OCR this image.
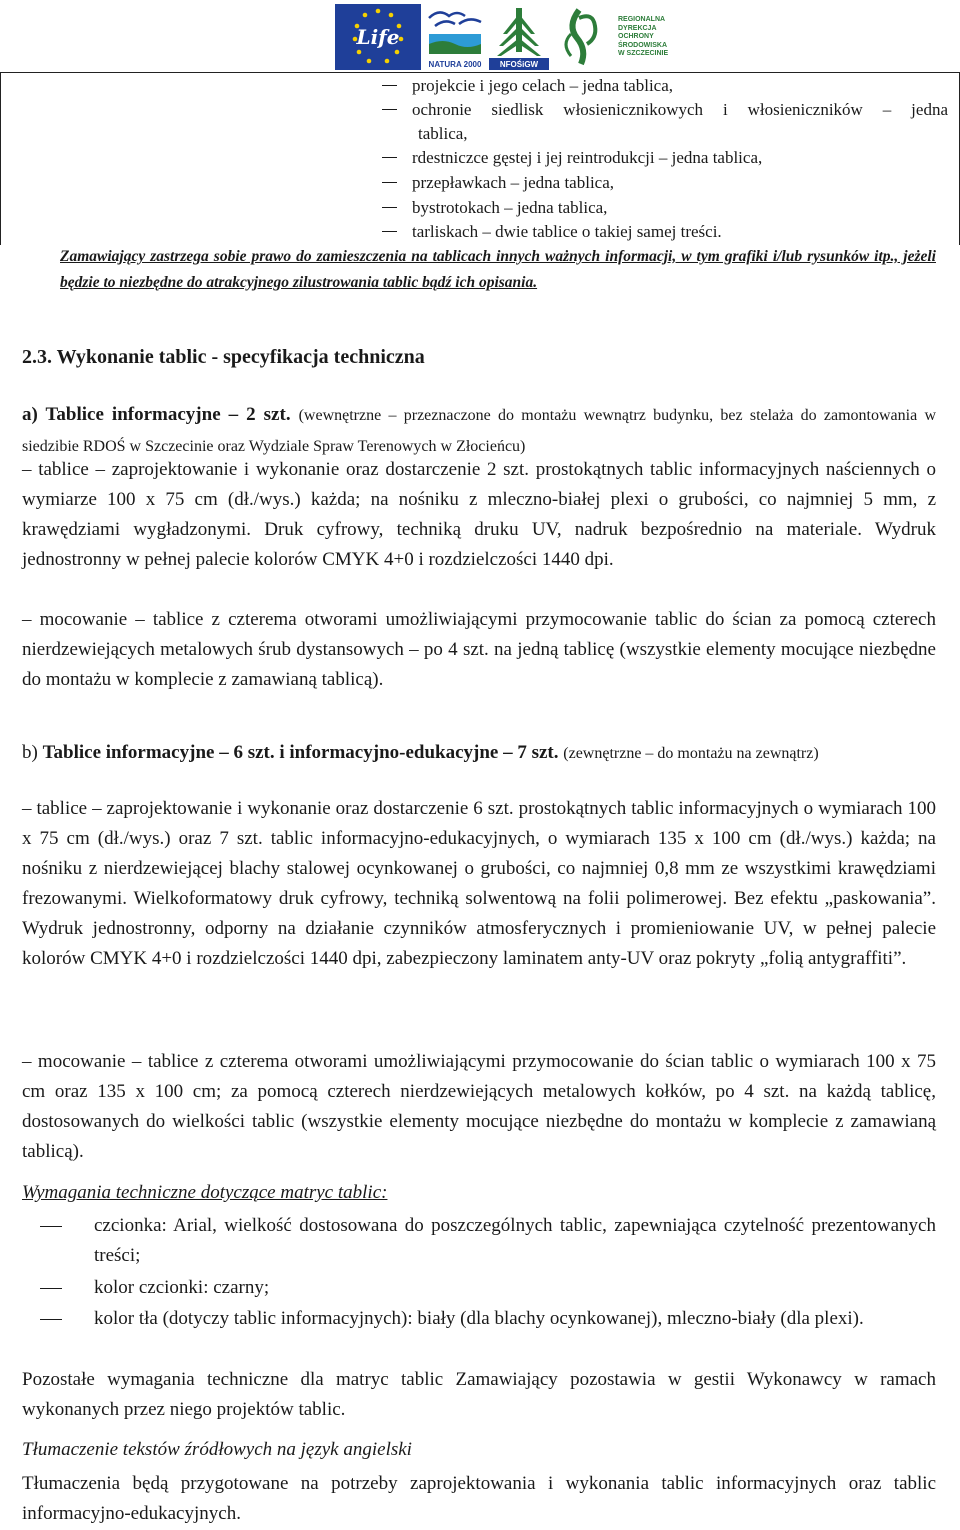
Life
NATURA 2000 NFOŚiGW
REGIONALNA
DYREKCJA
OCHRONY
ŚRODOWISKA
W SZCZECINIE
projekcie i jego celach – jedna tablica,
ochronie siedlisk włosienicznikowych i włosieniczników – jedna
tablica,
rdestniczce gęstej i jej reintrodukcji – jedna tablica,
przepławkach – jedna tablica,
bystrotokach – jedna tablica,
tarliskach – dwie tablice o takiej samej treści.
Zamawiający zastrzega sobie prawo do zamieszczenia na tablicach innych ważnych informacji, w tym grafiki i/lub rysunków itp., jeżeli będzie to niezbędne do atrakcyjnego zilustrowania tablic bądź ich opisania.
2.3. Wykonanie tablic - specyfikacja techniczna
a) Tablice informacyjne – 2 szt. (wewnętrzne – przeznaczone do montażu wewnątrz budynku, bez stelaża do zamontowania w siedzibie RDOŚ w Szczecinie oraz Wydziale Spraw Terenowych w Złocieńcu)
– tablice – zaprojektowanie i wykonanie oraz dostarczenie 2 szt. prostokątnych tablic informacyjnych naściennych o wymiarze 100 x 75 cm (dł./wys.) każda; na nośniku z mleczno-białej plexi o grubości, co najmniej 5 mm, z krawędziami wygładzonymi. Druk cyfrowy, techniką druku UV, nadruk bezpośrednio na materiale. Wydruk jednostronny w pełnej palecie kolorów CMYK 4+0 i rozdzielczości 1440 dpi.
– mocowanie – tablice z czterema otworami umożliwiającymi przymocowanie tablic do ścian za pomocą czterech nierdzewiejących metalowych śrub dystansowych – po 4 szt. na jedną tablicę (wszystkie elementy mocujące niezbędne do montażu w komplecie z zamawianą tablicą).
b) Tablice informacyjne – 6 szt. i informacyjno-edukacyjne – 7 szt. (zewnętrzne – do montażu na zewnątrz)
– tablice – zaprojektowanie i wykonanie oraz dostarczenie 6 szt. prostokątnych tablic informacyjnych o wymiarach 100 x 75 cm (dł./wys.) oraz 7 szt. tablic informacyjno-edukacyjnych, o wymiarach 135 x 100 cm (dł./wys.) każda; na nośniku z nierdzewiejącej blachy stalowej ocynkowanej o grubości, co najmniej 0,8 mm ze wszystkimi krawędziami frezowanymi. Wielkoformatowy druk cyfrowy, techniką solwentową na folii polimerowej. Bez efektu „paskowania”. Wydruk jednostronny, odporny na działanie czynników atmosferycznych i promieniowanie UV, w pełnej palecie kolorów CMYK 4+0 i rozdzielczości 1440 dpi, zabezpieczony laminatem anty-UV oraz pokryty „folią antygraffiti”.
– mocowanie – tablice z czterema otworami umożliwiającymi przymocowanie do ścian tablic o wymiarach 100 x 75 cm oraz 135 x 100 cm; za pomocą czterech nierdzewiejących metalowych kołków, po 4 szt. na każdą tablicę, dostosowanych do wielkości tablic (wszystkie elementy mocujące niezbędne do montażu w komplecie z zamawianą tablicą).
Wymagania techniczne dotyczące matryc tablic:
czcionka: Arial, wielkość dostosowana do poszczególnych tablic, zapewniająca czytelność prezentowanych treści;
kolor czcionki: czarny;
kolor tła (dotyczy tablic informacyjnych): biały (dla blachy ocynkowanej), mleczno-biały (dla plexi).
Pozostałe wymagania techniczne dla matryc tablic Zamawiający pozostawia w gestii Wykonawcy w ramach wykonanych przez niego projektów tablic.
Tłumaczenie tekstów źródłowych na język angielski
Tłumaczenia będą przygotowane na potrzeby zaprojektowania i wykonania tablic informacyjnych oraz tablic informacyjno-edukacyjnych.
